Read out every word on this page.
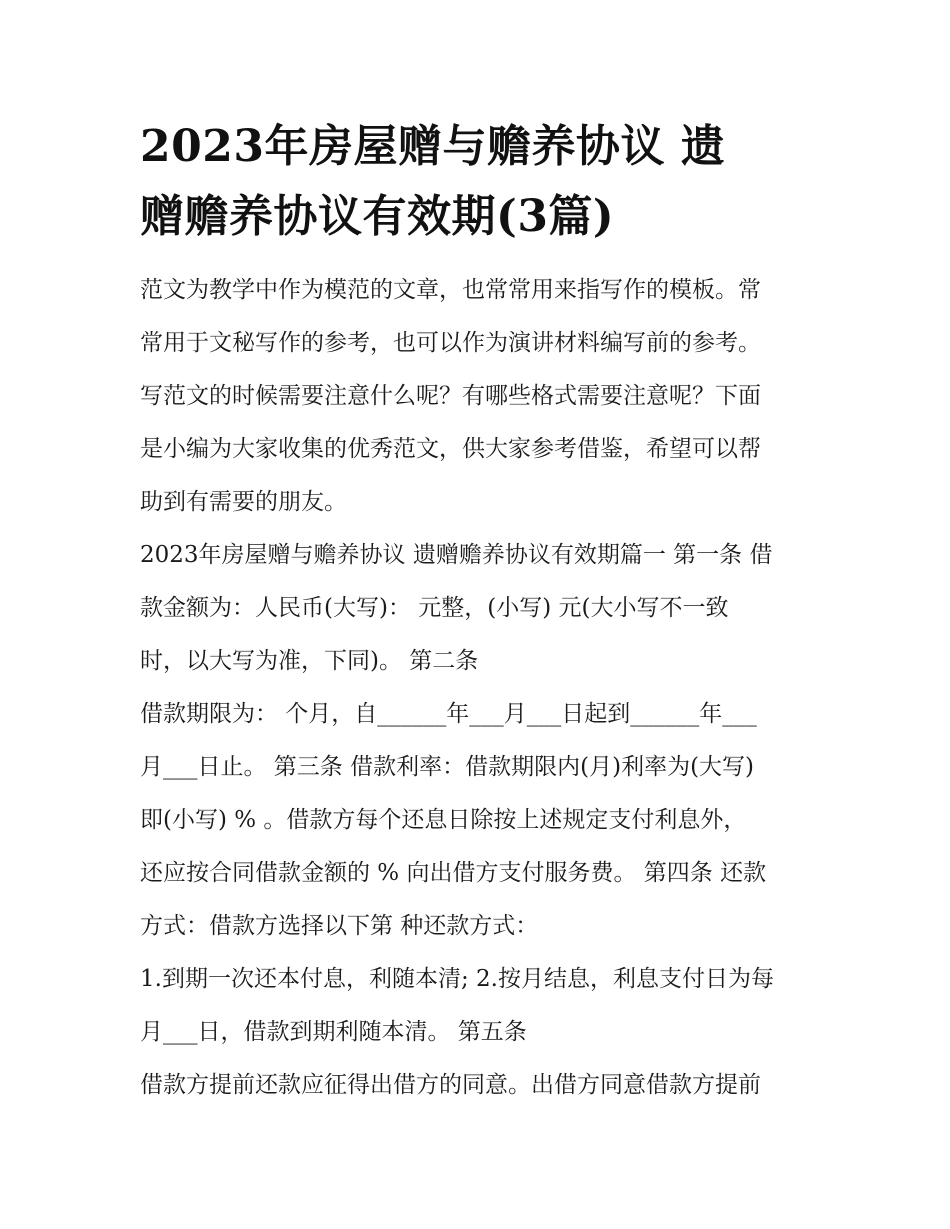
2023年房屋赠与赡养协议 遗
赠赡养协议有效期(3篇)
范文为教学中作为模范的文章，也常常用来指写作的模板。常
常用于文秘写作的参考，也可以作为演讲材料编写前的参考。
写范文的时候需要注意什么呢？有哪些格式需要注意呢？下面
是小编为大家收集的优秀范文，供大家参考借鉴，希望可以帮
助到有需要的朋友。
2023年房屋赠与赡养协议 遗赠赡养协议有效期篇一 第一条 借
款金额为：人民币(大写)： 元整，(小写) 元(大小写不一致
时，以大写为准，下同)。 第二条
借款期限为： 个月，自______年___月___日起到______年___
月___日止。 第三条 借款利率：借款期限内(月)利率为(大写)
即(小写) % 。借款方每个还息日除按上述规定支付利息外，
还应按合同借款金额的 % 向出借方支付服务费。 第四条 还款
方式：借款方选择以下第 种还款方式：
1.到期一次还本付息，利随本清; 2.按月结息，利息支付日为每
月___日，借款到期利随本清。 第五条
借款方提前还款应征得出借方的同意。出借方同意借款方提前
